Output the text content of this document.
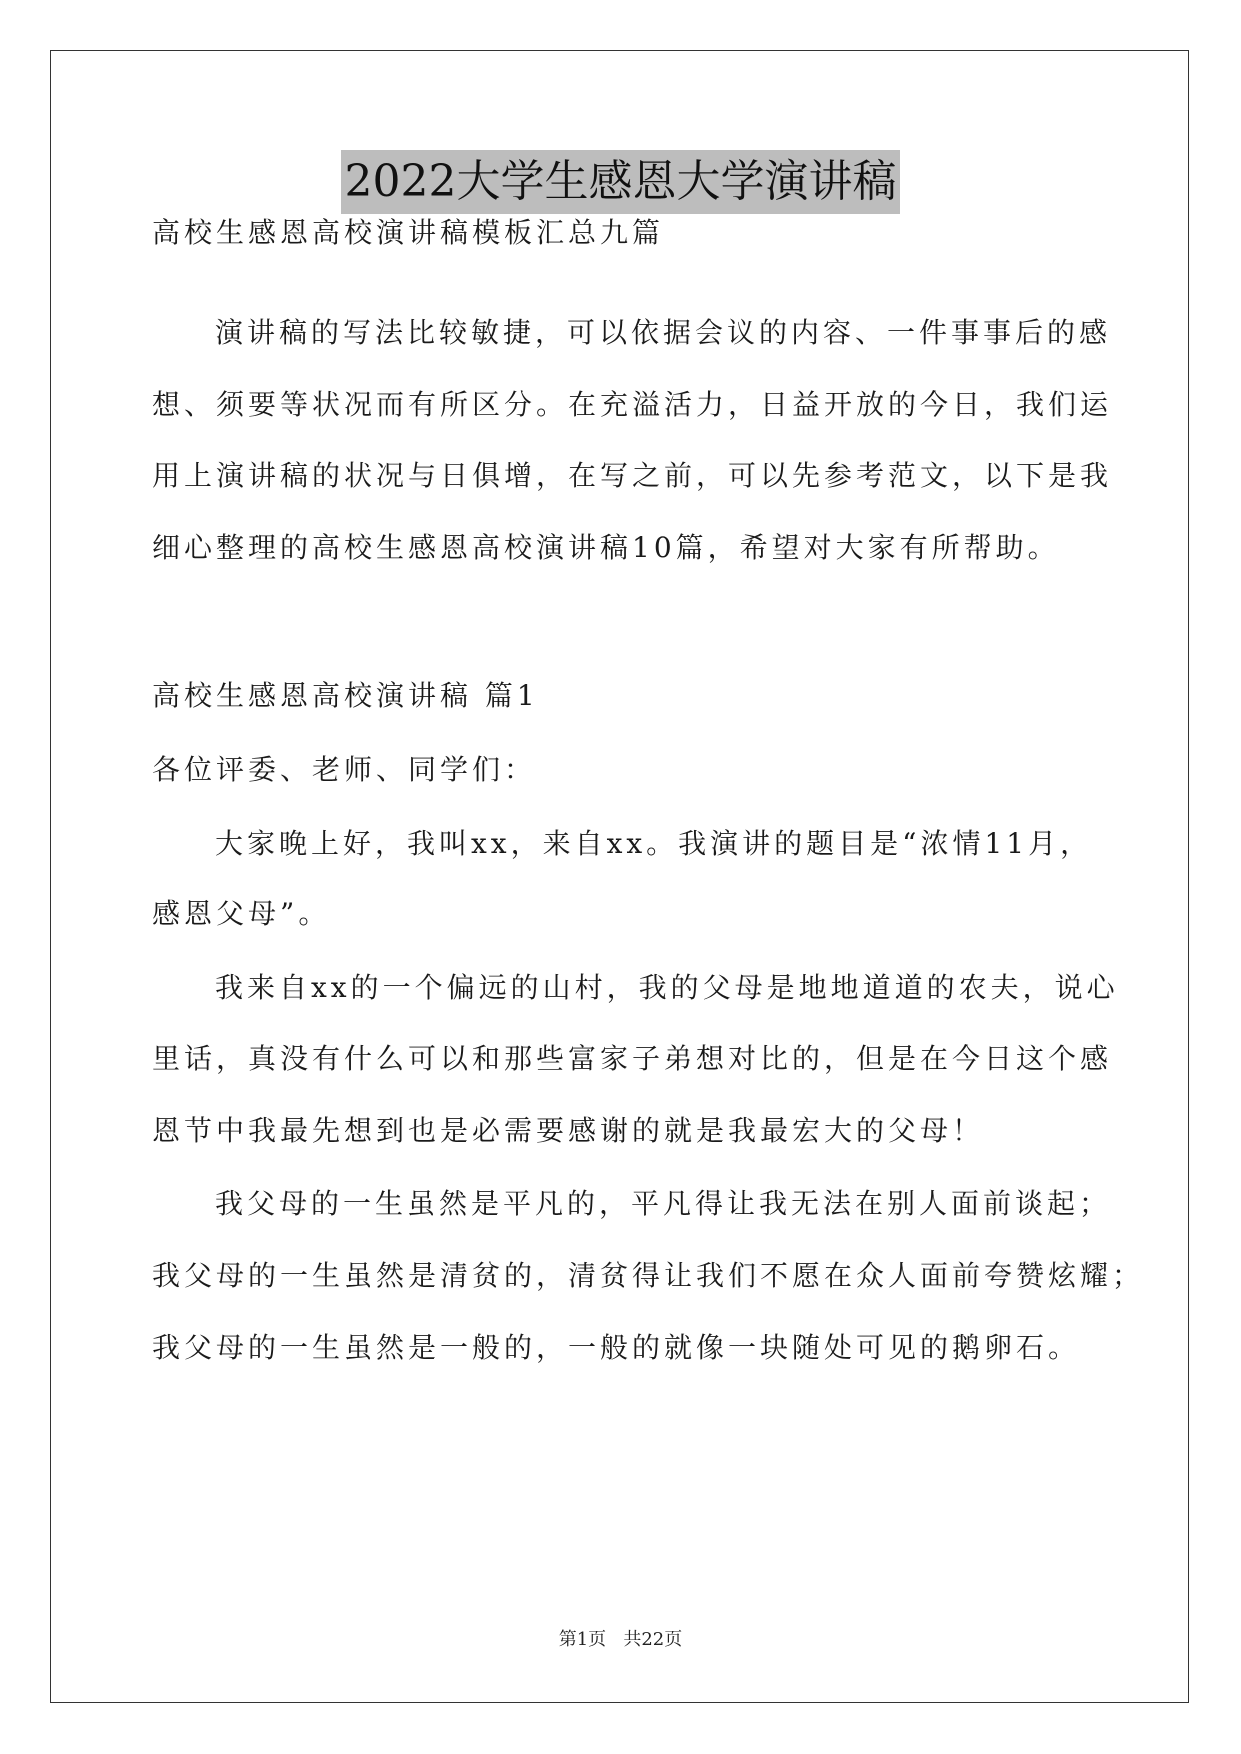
2022大学生感恩大学演讲稿
高校生感恩高校演讲稿模板汇总九篇
演讲稿的写法比较敏捷，可以依据会议的内容、一件事事后的感
想、须要等状况而有所区分。在充溢活力，日益开放的今日，我们运
用上演讲稿的状况与日俱增，在写之前，可以先参考范文，以下是我
细心整理的高校生感恩高校演讲稿10篇，希望对大家有所帮助。
高校生感恩高校演讲稿 篇1
各位评委、老师、同学们：
大家晚上好，我叫xx，来自xx。我演讲的题目是“浓情11月，
感恩父母”。
我来自xx的一个偏远的山村，我的父母是地地道道的农夫，说心
里话，真没有什么可以和那些富家子弟想对比的，但是在今日这个感
恩节中我最先想到也是必需要感谢的就是我最宏大的父母！
我父母的一生虽然是平凡的，平凡得让我无法在别人面前谈起；
我父母的一生虽然是清贫的，清贫得让我们不愿在众人面前夸赞炫耀；
我父母的一生虽然是一般的，一般的就像一块随处可见的鹅卵石。
第1页   共22页
